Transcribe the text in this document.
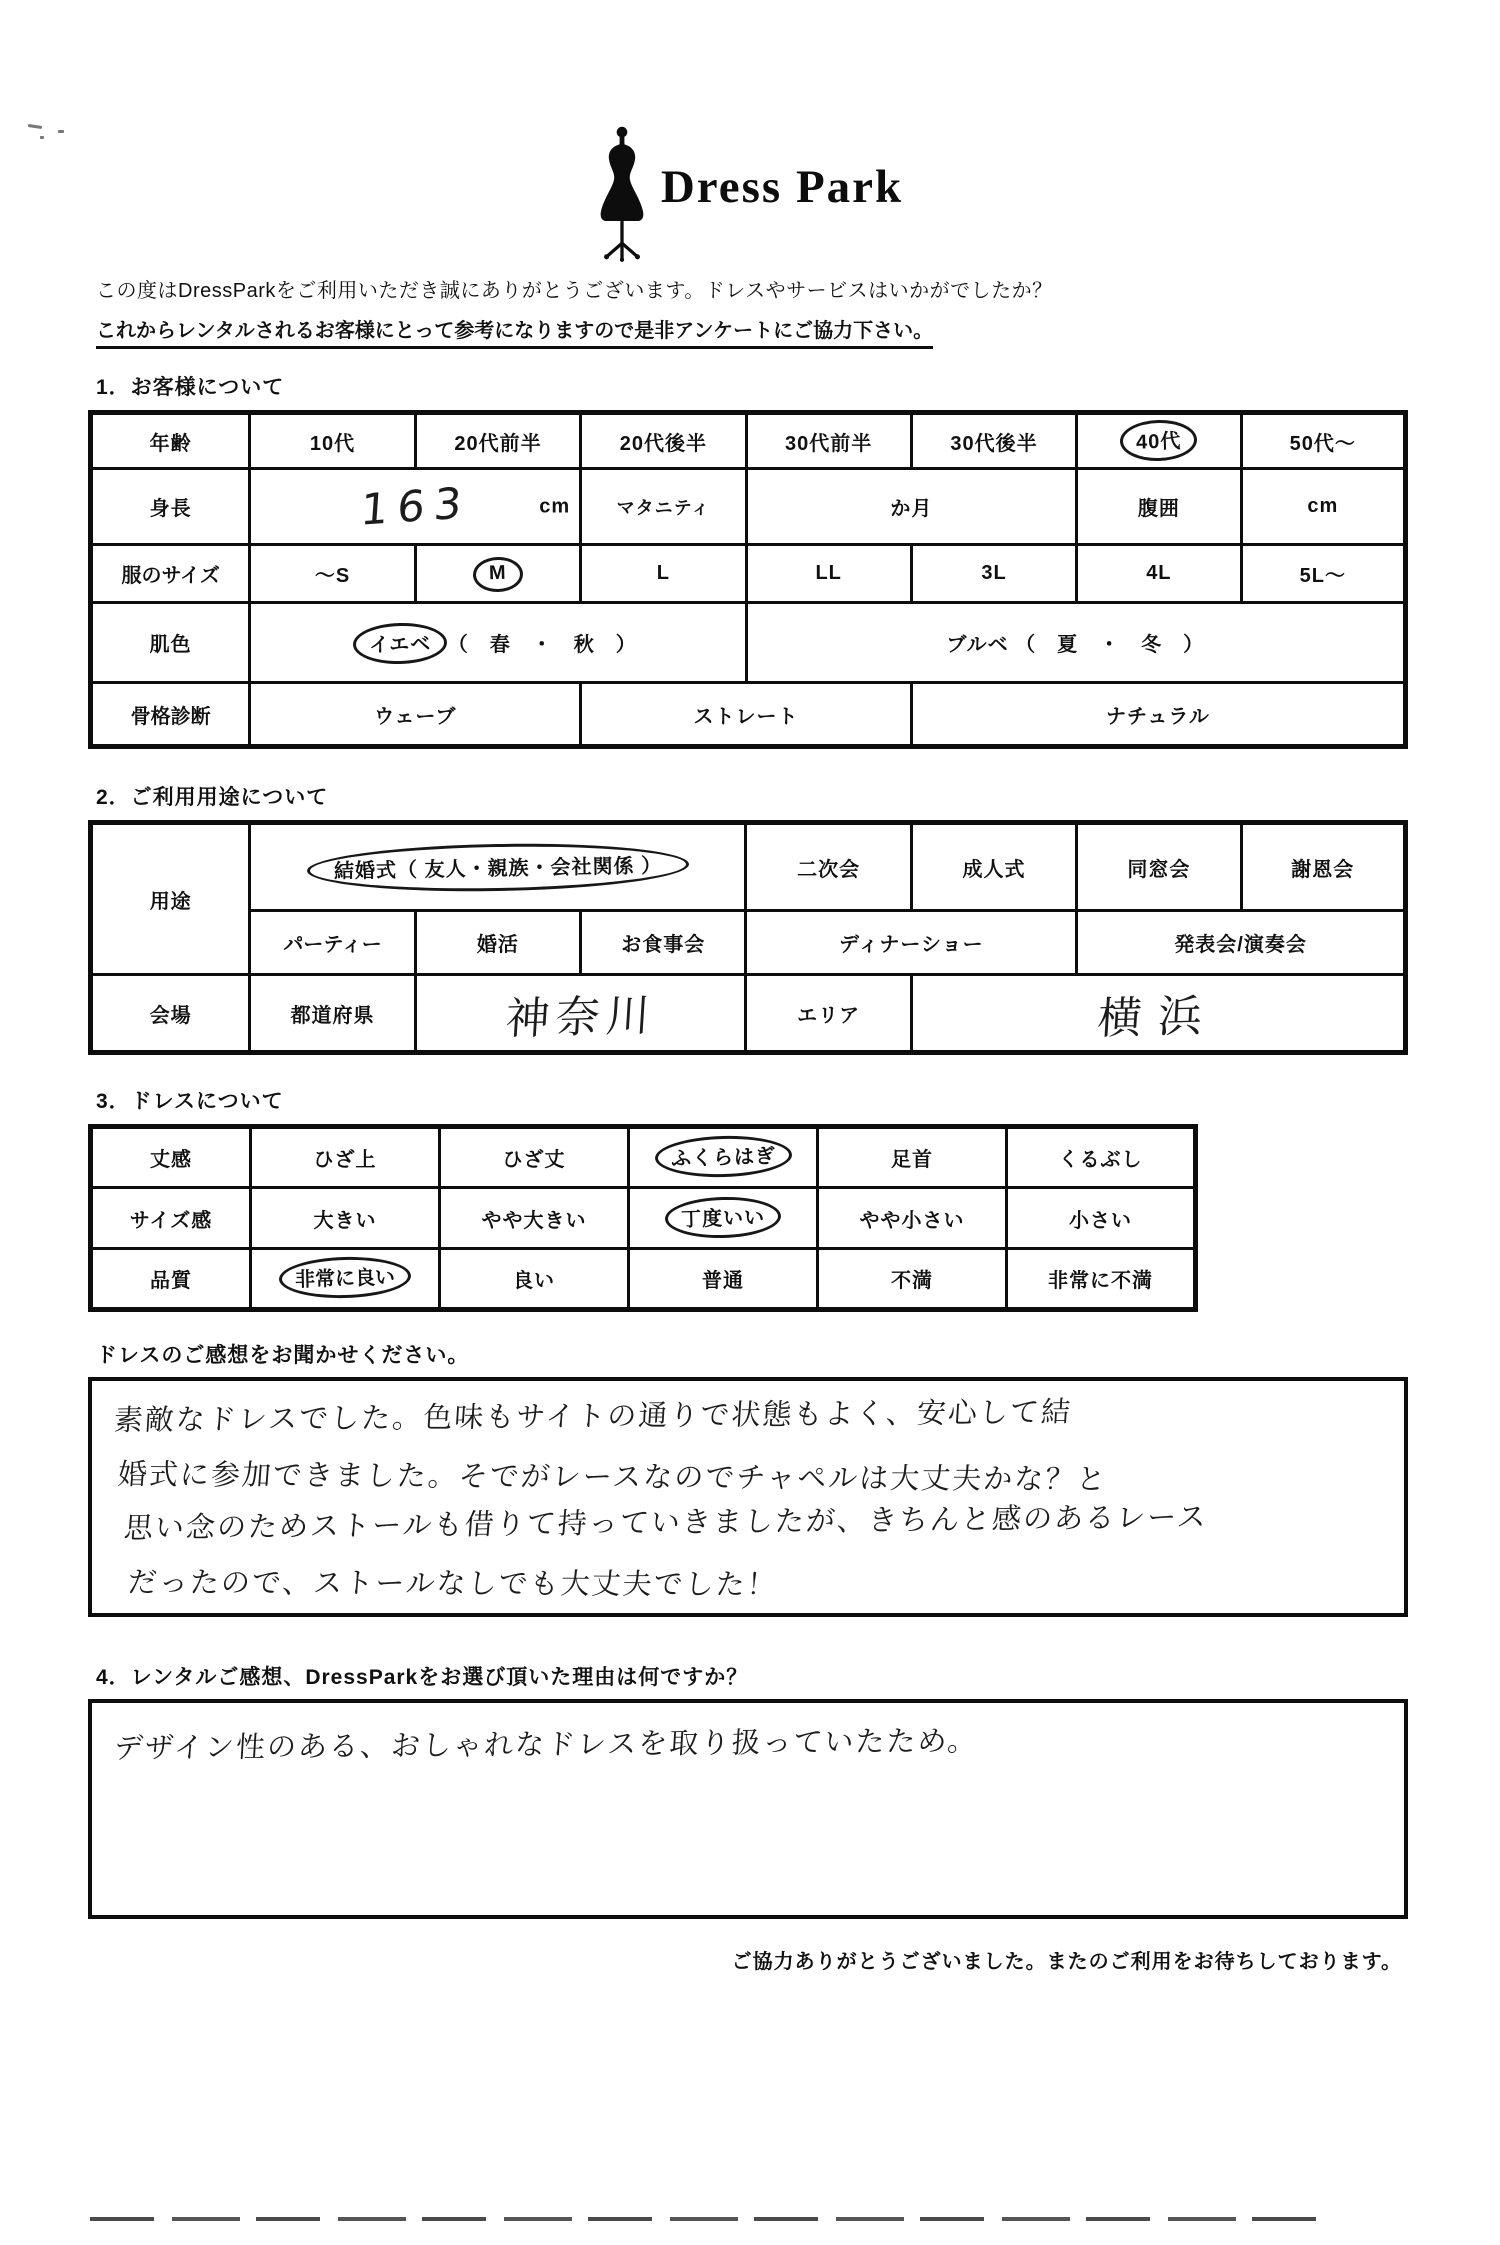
Dress Park
この度はDressParkをご利用いただき誠にありがとうございます。ドレスやサービスはいかがでしたか？
これからレンタルされるお客様にとって参考になりますので是非アンケートにご協力下さい。
1．お客様について
年齢	10代	20代前半	20代後半	30代前半	30代後半	40代	50代～
身長	163 cm		マタニティ	か月		腹囲	cm
服のサイズ	～S	M	L	LL	3L	4L	5L～
肌色	イエベ （　春　・　秋　）			ブルベ （　夏　・　冬　）			
骨格診断	ウェーブ		ストレート		ナチュラル		
2．ご利用用途について
用途	結婚式（ 友人・親族・会社関係 ）			二次会	成人式	同窓会	謝恩会
	パーティー	婚活	お食事会	ディナーショー		発表会/演奏会	
会場	都道府県	神奈川		エリア	横浜		
3．ドレスについて
丈感	ひざ上	ひざ丈	ふくらはぎ	足首	くるぶし
サイズ感	大きい	やや大きい	丁度いい	やや小さい	小さい
品質	非常に良い	良い	普通	不満	非常に不満
ドレスのご感想をお聞かせください。
素敵なドレスでした。色味もサイトの通りで状態もよく、安心して結
婚式に参加できました。そでがレースなのでチャペルは大丈夫かな？と
思い念のためストールも借りて持っていきましたが、きちんと感のあるレース
だったので、ストールなしでも大丈夫でした！
4．レンタルご感想、DressParkをお選び頂いた理由は何ですか？
デザイン性のある、おしゃれなドレスを取り扱っていたため。
ご協力ありがとうございました。またのご利用をお待ちしております。
